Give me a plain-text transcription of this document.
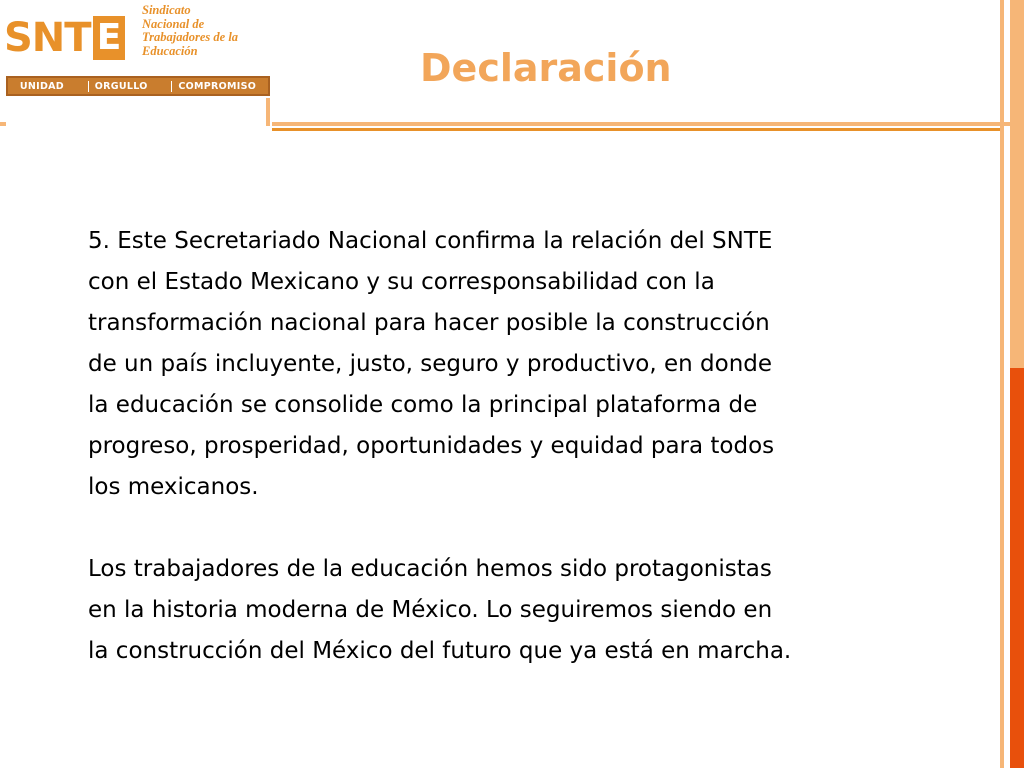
SNT E
Sindicato
Nacional de
Trabajadores de la
Educación
UNIDAD	ORGULLO	COMPROMISO	Declaración

5. Este Secretariado Nacional confirma la relación del SNTE

con el Estado Mexicano y su corresponsabilidad con la

transformación nacional para hacer posible la construcción

de un país incluyente, justo, seguro y productivo, en donde

la educación se consolide como la principal plataforma de

progreso, prosperidad, oportunidades y equidad para todos

los mexicanos.

Los trabajadores de la educación hemos sido protagonistas

en la historia moderna de México. Lo seguiremos siendo en

la construcción del México del futuro que ya está en marcha.
